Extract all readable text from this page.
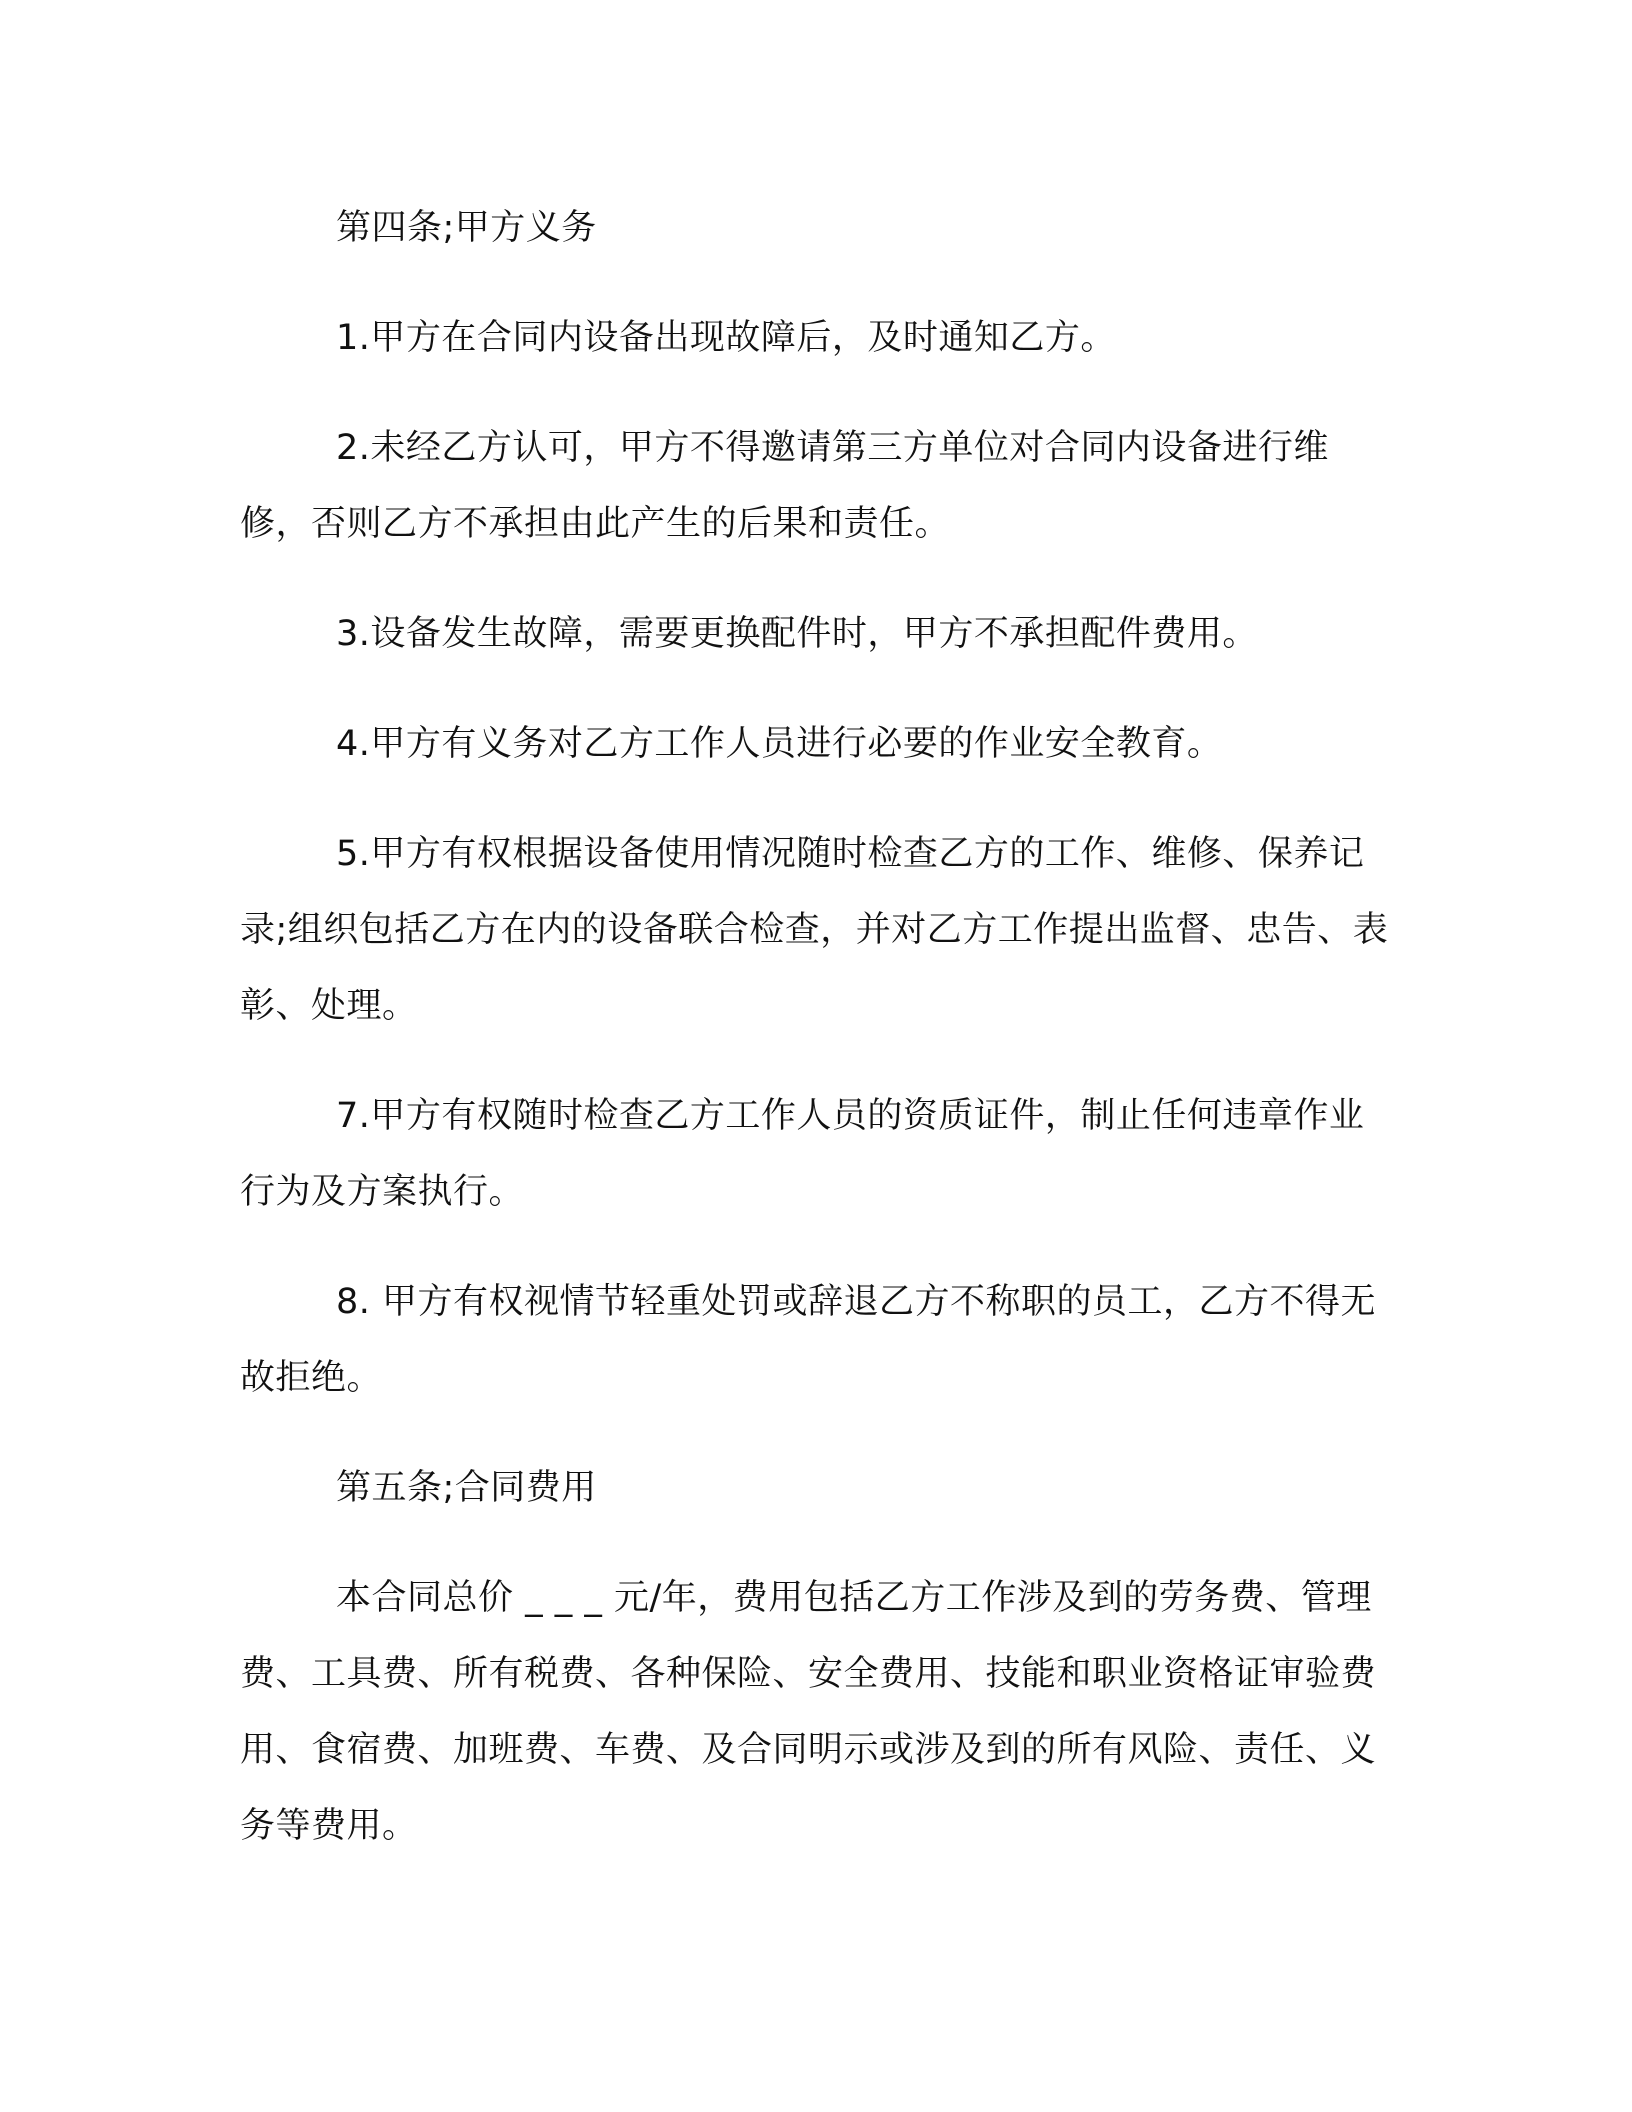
第四条;甲方义务

1.甲方在合同内设备出现故障后，及时通知乙方。

2.未经乙方认可，甲方不得邀请第三方单位对合同内设备进行维修，否则乙方不承担由此产生的后果和责任。

3.设备发生故障，需要更换配件时，甲方不承担配件费用。

4.甲方有义务对乙方工作人员进行必要的作业安全教育。

5.甲方有权根据设备使用情况随时检查乙方的工作、维修、保养记录;组织包括乙方在内的设备联合检查，并对乙方工作提出监督、忠告、表彰、处理。

7.甲方有权随时检查乙方工作人员的资质证件，制止任何违章作业行为及方案执行。

8. 甲方有权视情节轻重处罚或辞退乙方不称职的员工，乙方不得无故拒绝。

第五条;合同费用

本合同总价 _ _ _ 元/年，费用包括乙方工作涉及到的劳务费、管理费、工具费、所有税费、各种保险、安全费用、技能和职业资格证审验费用、食宿费、加班费、车费、及合同明示或涉及到的所有风险、责任、义务等费用。
